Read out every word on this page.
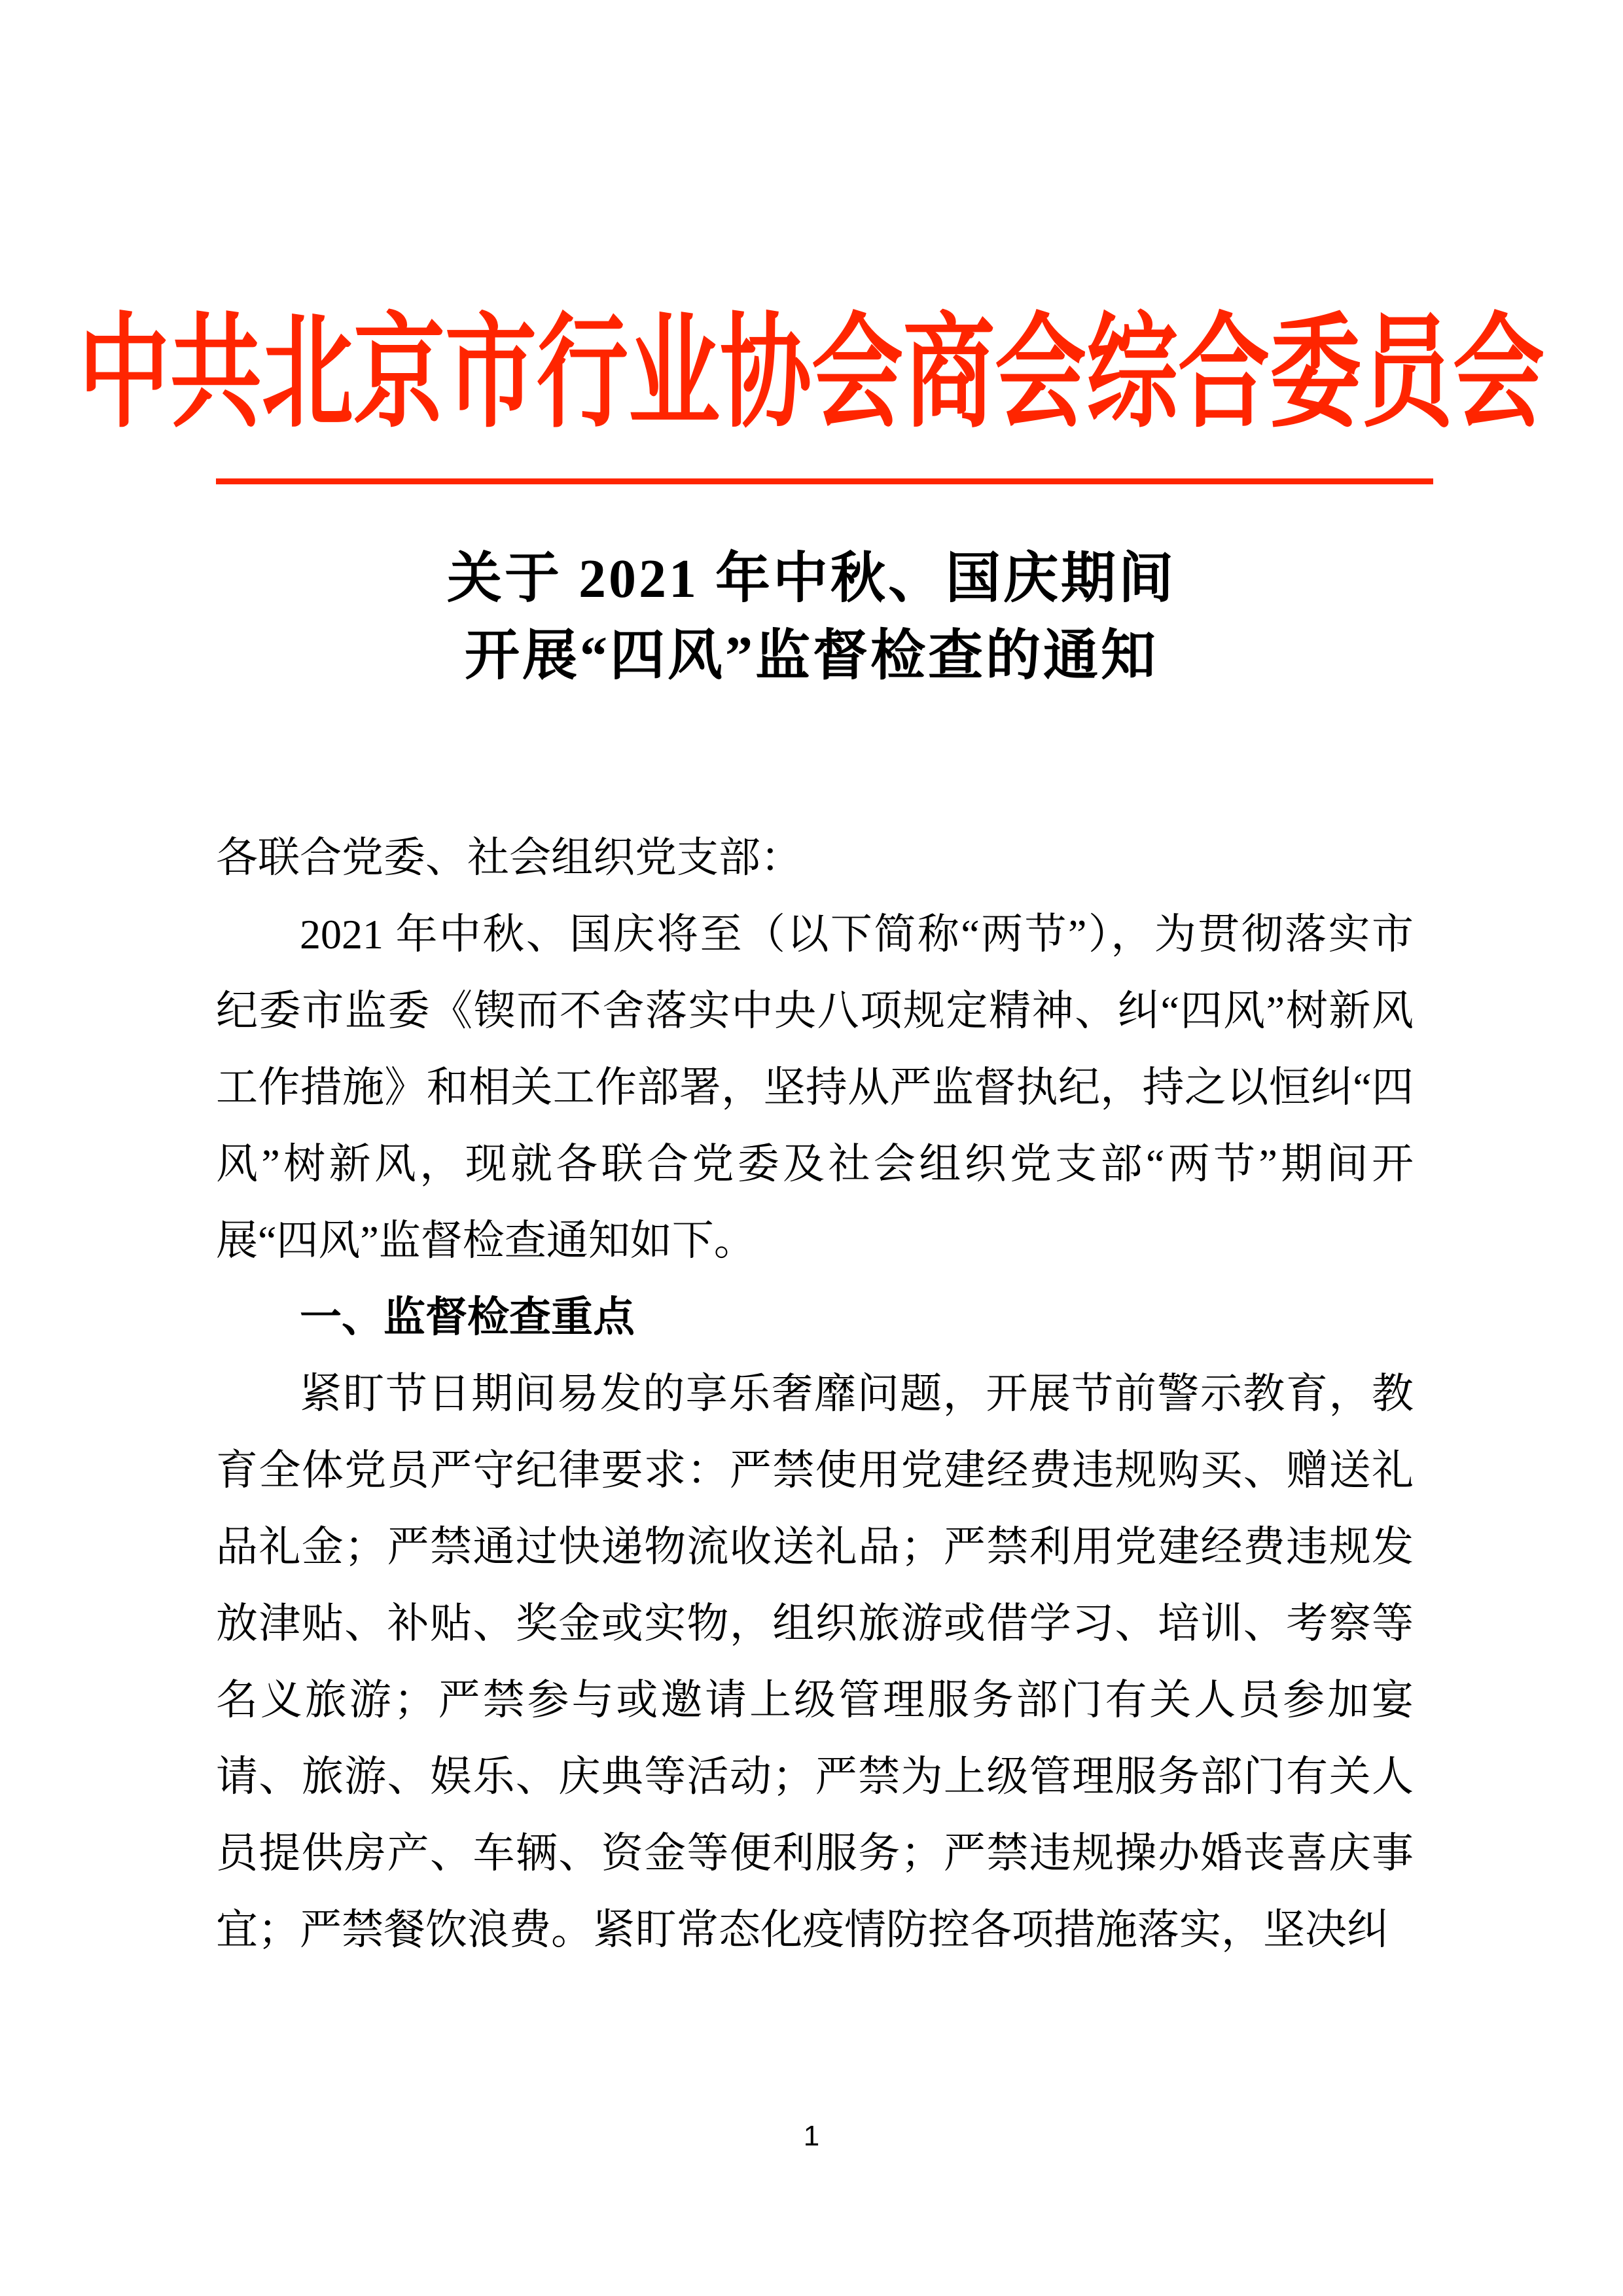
中共北京市行业协会商会综合委员会
关于 2021 年中秋、国庆期间
开展“四风”监督检查的通知

各联合党委、社会组织党支部：

2021 年中秋、国庆将至（以下简称“两节”），为贯彻落实市纪委市监委《锲而不舍落实中央八项规定精神、纠“四风”树新风工作措施》和相关工作部署，坚持从严监督执纪，持之以恒纠“四风”树新风，现就各联合党委及社会组织党支部“两节”期间开展“四风”监督检查通知如下。

一、监督检查重点

紧盯节日期间易发的享乐奢靡问题，开展节前警示教育，教育全体党员严守纪律要求：严禁使用党建经费违规购买、赠送礼品礼金；严禁通过快递物流收送礼品；严禁利用党建经费违规发放津贴、补贴、奖金或实物，组织旅游或借学习、培训、考察等名义旅游；严禁参与或邀请上级管理服务部门有关人员参加宴请、旅游、娱乐、庆典等活动；严禁为上级管理服务部门有关人员提供房产、车辆、资金等便利服务；严禁违规操办婚丧喜庆事宜；严禁餐饮浪费。紧盯常态化疫情防控各项措施落实，坚决纠

1
